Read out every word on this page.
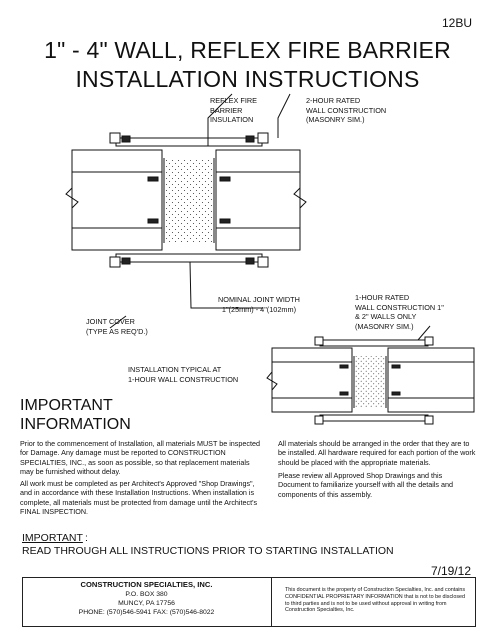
12BU
1" - 4" WALL, REFLEX FIRE BARRIER
INSTALLATION INSTRUCTIONS
REFLEX FIRE
BARRIER
INSULATION
2-HOUR RATED
WALL CONSTRUCTION
(MASONRY SIM.)
NOMINAL JOINT WIDTH
1"(25mm) - 4"(102mm)
1-HOUR RATED
WALL CONSTRUCTION 1"
& 2" WALLS ONLY
(MASONRY SIM.)
JOINT COVER
(TYPE AS REQ'D.)
INSTALLATION TYPICAL AT
1-HOUR WALL CONSTRUCTION
IMPORTANT
INFORMATION
Prior to the commencement of Installation, all materials MUST be inspected for Damage. Any damage must be reported to CONSTRUCTION SPECIALTIES, INC., as soon as possible, so that replacement materials may be furnished without delay.
All work must be completed as per Architect's Approved "Shop Drawings", and in accordance with these Installation Instructions. When installation is complete, all materials must be protected from damage until the Architect's FINAL INSPECTION.
All materials should be arranged in the order that they are to be installed. All hardware required for each portion of the work should be placed with the appropriate materials.
Please review all Approved Shop Drawings and this Document to familiarize yourself with all the details and components of this assembly.
IMPORTANT :
READ THROUGH ALL INSTRUCTIONS PRIOR TO STARTING INSTALLATION
7/19/12
CONSTRUCTION SPECIALTIES, INC.
P.O. BOX 380
MUNCY, PA 17756
PHONE: (570)546-5941 FAX: (570)546-8022
This document is the property of Construction Specialties, Inc. and contains CONFIDENTIAL PROPRIETARY INFORMATION that is not to be disclosed to third parties and is not to be used without approval in writing from Construction Specialties, Inc.
